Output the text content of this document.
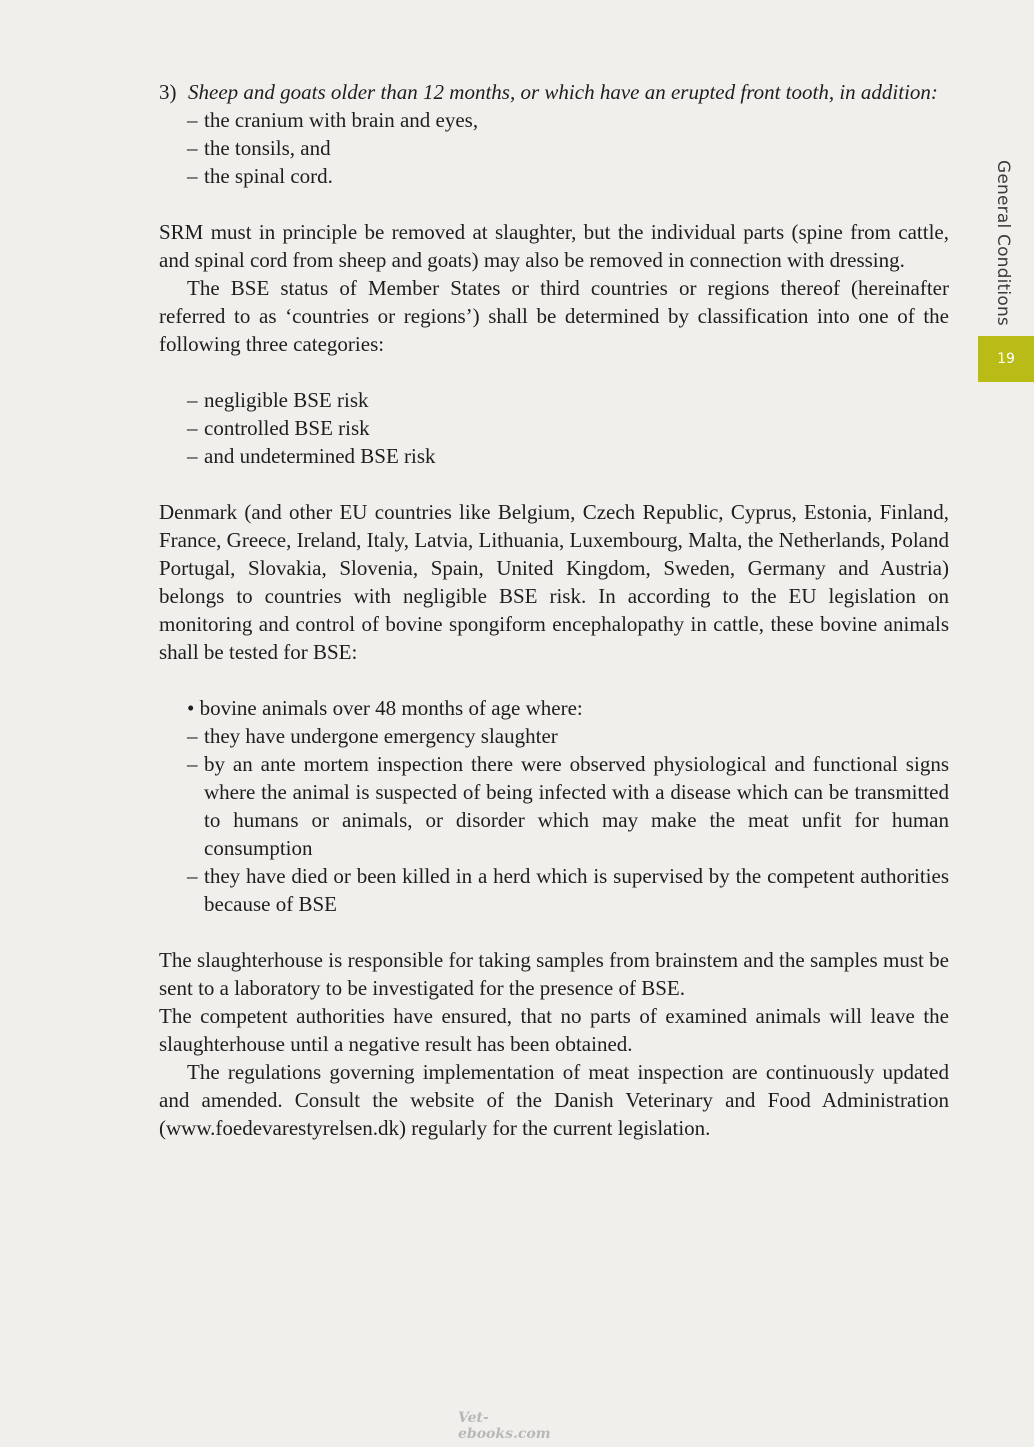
3) Sheep and goats older than 12 months, or which have an erupted front tooth, in addition:
– the cranium with brain and eyes,
– the tonsils, and
– the spinal cord.

SRM must in principle be removed at slaughter, but the individual parts (spine from cattle, and spinal cord from sheep and goats) may also be removed in connection with dressing.

The BSE status of Member States or third countries or regions thereof (hereinafter referred to as ‘countries or regions’) shall be determined by classification into one of the following three categories:

– negligible BSE risk
– controlled BSE risk
– and undetermined BSE risk

Denmark (and other EU countries like Belgium, Czech Republic, Cyprus, Estonia, Finland, France, Greece, Ireland, Italy, Latvia, Lithuania, Luxembourg, Malta, the Netherlands, Poland Portugal, Slovakia, Slovenia, Spain, United Kingdom, Sweden, Germany and Austria) belongs to countries with negligible BSE risk. In according to the EU legislation on monitoring and control of bovine spongiform encephalopathy in cattle, these bovine animals shall be tested for BSE:

• bovine animals over 48 months of age where:
– they have undergone emergency slaughter
– by an ante mortem inspection there were observed physiological and functional signs where the animal is suspected of being infected with a disease which can be transmitted to humans or animals, or disorder which may make the meat unfit for human consumption
– they have died or been killed in a herd which is supervised by the competent authorities because of BSE

The slaughterhouse is responsible for taking samples from brainstem and the samples must be sent to a laboratory to be investigated for the presence of BSE.

The competent authorities have ensured, that no parts of examined animals will leave the slaughterhouse until a negative result has been obtained.

The regulations governing implementation of meat inspection are continuously updated and amended. Consult the website of the Danish Veterinary and Food Administration (www.foedevarestyrelsen.dk) regularly for the current legislation.

General Conditions
19
Vet-ebooks.com
